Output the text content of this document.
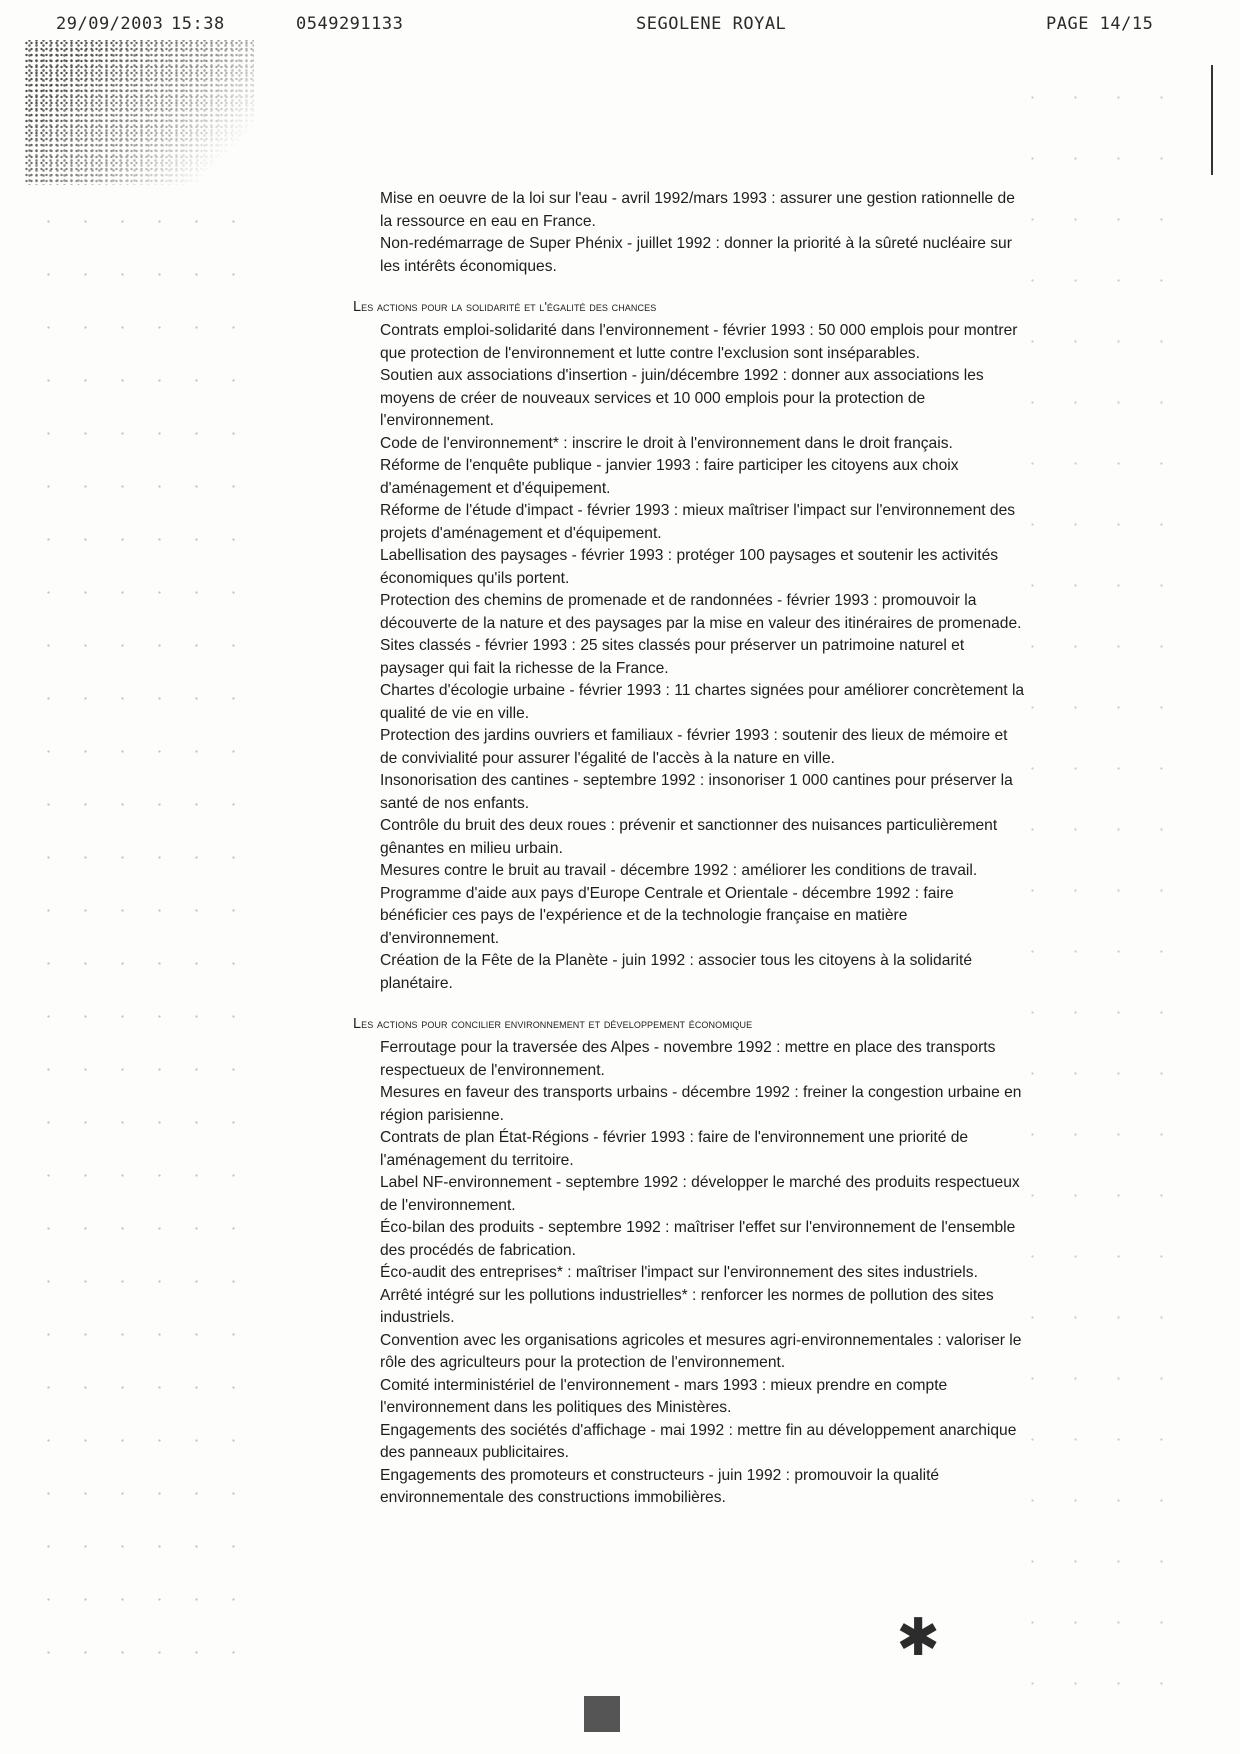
29/09/2003 15:38	0549291133	SEGOLENE ROYAL	PAGE 14/15

Mise en oeuvre de la loi sur l'eau - avril 1992/mars 1993 : assurer une gestion rationnelle de la ressource en eau en France.

Non-redémarrage de Super Phénix - juillet 1992 : donner la priorité à la sûreté nucléaire sur les intérêts économiques.

Les actions pour la solidarité et l'égalité des chances

Contrats emploi-solidarité dans l'environnement - février 1993 : 50 000 emplois pour montrer que protection de l'environnement et lutte contre l'exclusion sont inséparables.

Soutien aux associations d'insertion - juin/décembre 1992 : donner aux associations les moyens de créer de nouveaux services et 10 000 emplois pour la protection de l'environnement.

Code de l'environnement* : inscrire le droit à l'environnement dans le droit français.

Réforme de l'enquête publique - janvier 1993 : faire participer les citoyens aux choix d'aménagement et d'équipement.

Réforme de l'étude d'impact - février 1993 : mieux maîtriser l'impact sur l'environnement des projets d'aménagement et d'équipement.

Labellisation des paysages - février 1993 : protéger 100 paysages et soutenir les activités économiques qu'ils portent.

Protection des chemins de promenade et de randonnées - février 1993 : promouvoir la découverte de la nature et des paysages par la mise en valeur des itinéraires de promenade.

Sites classés - février 1993 : 25 sites classés pour préserver un patrimoine naturel et paysager qui fait la richesse de la France.

Chartes d'écologie urbaine - février 1993 : 11 chartes signées pour améliorer concrètement la qualité de vie en ville.

Protection des jardins ouvriers et familiaux - février 1993 : soutenir des lieux de mémoire et de convivialité pour assurer l'égalité de l'accès à la nature en ville.

Insonorisation des cantines - septembre 1992 : insonoriser 1 000 cantines pour préserver la santé de nos enfants.

Contrôle du bruit des deux roues : prévenir et sanctionner des nuisances particulièrement gênantes en milieu urbain.

Mesures contre le bruit au travail - décembre 1992 : améliorer les conditions de travail.

Programme d'aide aux pays d'Europe Centrale et Orientale - décembre 1992 : faire bénéficier ces pays de l'expérience et de la technologie française en matière d'environnement.

Création de la Fête de la Planète - juin 1992 : associer tous les citoyens à la solidarité planétaire.

Les actions pour concilier environnement et développement économique

Ferroutage pour la traversée des Alpes - novembre 1992 : mettre en place des transports respectueux de l'environnement.

Mesures en faveur des transports urbains - décembre 1992 : freiner la congestion urbaine en région parisienne.

Contrats de plan État-Régions - février 1993 : faire de l'environnement une priorité de l'aménagement du territoire.

Label NF-environnement - septembre 1992 : développer le marché des produits respectueux de l'environnement.

Éco-bilan des produits - septembre 1992 : maîtriser l'effet sur l'environnement de l'ensemble des procédés de fabrication.

Éco-audit des entreprises* : maîtriser l'impact sur l'environnement des sites industriels.

Arrêté intégré sur les pollutions industrielles* : renforcer les normes de pollution des sites industriels.

Convention avec les organisations agricoles et mesures agri-environnementales : valoriser le rôle des agriculteurs pour la protection de l'environnement.

Comité interministériel de l'environnement - mars 1993 : mieux prendre en compte l'environnement dans les politiques des Ministères.

Engagements des sociétés d'affichage - mai 1992 : mettre fin au développement anarchique des panneaux publicitaires.

Engagements des promoteurs et constructeurs - juin 1992 : promouvoir la qualité environnementale des constructions immobilières.

✱
